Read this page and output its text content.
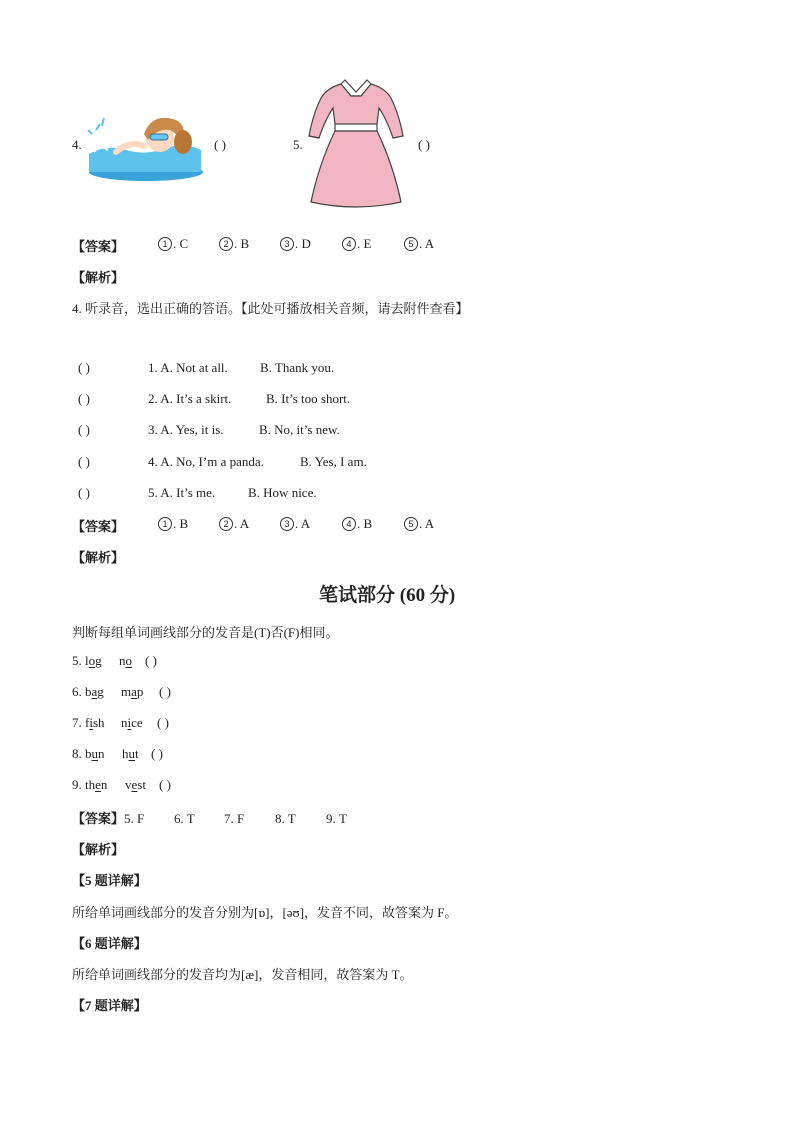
4.	( )	5.	( )
【答案】	1 . C	2 . B	3 . D	4 . E	5 . A
【解析】
4. 听录音，选出正确的答语。【此处可播放相关音频，请去附件查看】
( )	1. A. Not at all. B. Thank you.
( )	2. A. It’s a skirt.	B. It’s too short.
( )	3. A. Yes, it is.	B. No, it’s new.
( )	4. A. No, I’m a panda.	B. Yes, I am.
( )	5. A. It’s me.	B. How nice.
【答案】	1 . B	2 . A	3 . A	4 . B	5 . A
【解析】
笔试部分 (60 分)
判断每组单词画线部分的发音是(T)否(F)相同。
5. log no ( )
6. bag map ( )
7. fish nice ( )
8. bun hut ( )
9. then vest ( )
【答案】5. F 6. T 7. F 8. T 9. T
【解析】
【5 题详解】
所给单词画线部分的发音分别为[ɒ]，[əʊ]，发音不同，故答案为 F。
【6 题详解】
所给单词画线部分的发音均为[æ]，发音相同，故答案为 T。
【7 题详解】
